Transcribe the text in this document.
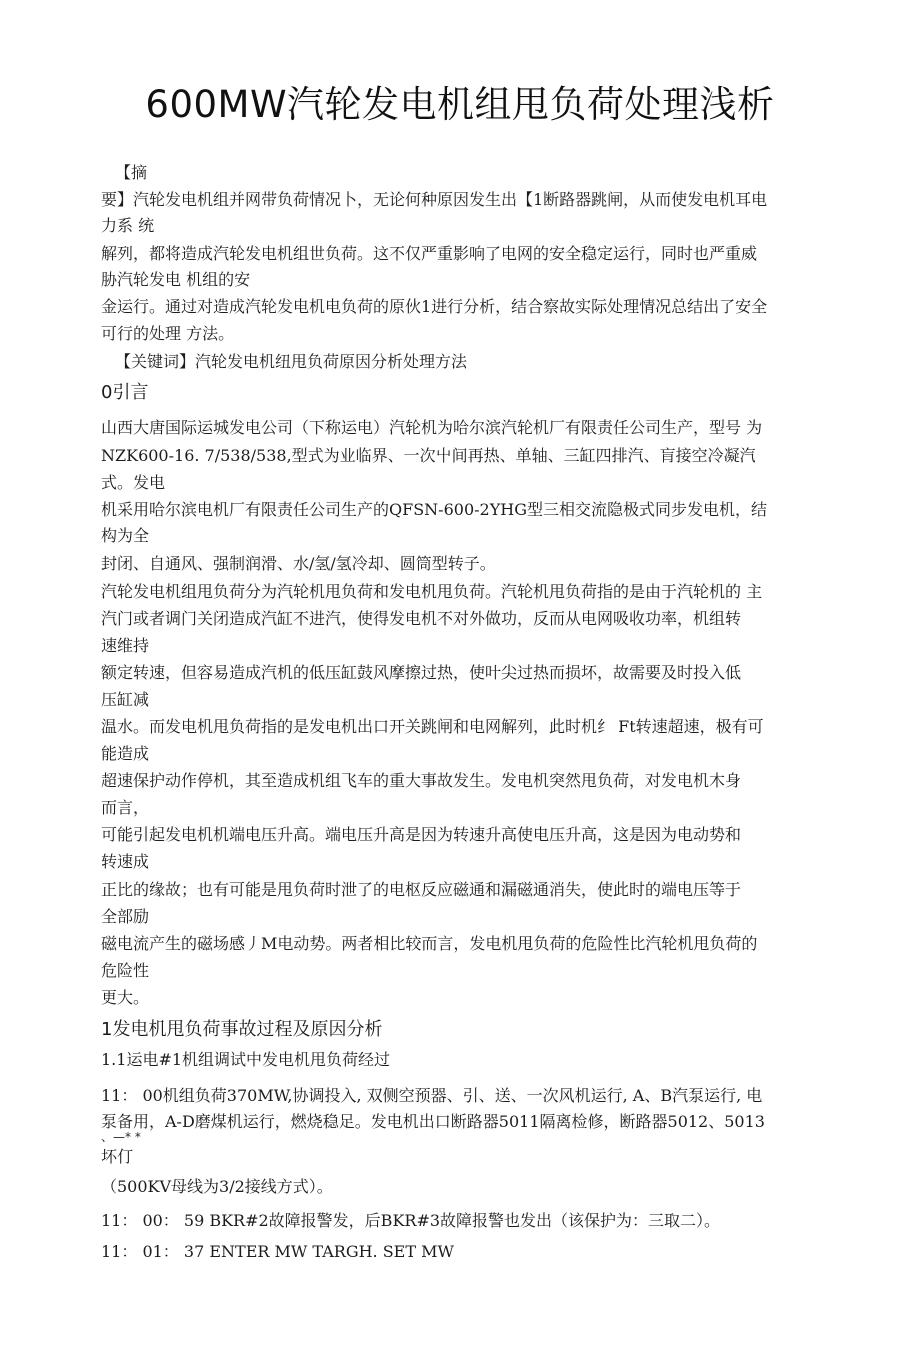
600MW汽轮发电机组甩负荷处理浅析
【摘
要】汽轮发电机组并网带负荷情况卜，无论何种原因发生出【1断路器跳闸，从而使发电机耳电
力系 统
解列，都将造成汽轮发电机组世负荷。这不仅严重影响了电网的安全稳定运行，同时也严重威
胁汽轮发电 机组的安
金运行。通过对造成汽轮发电机电负荷的原伙1进行分析，结合察故实际处理情况总结出了安全
可行的处理 方法。
【关键词】汽轮发电机纽甩负荷原因分析处理方法
0引言
山西大唐国际运城发电公司（下称运电）汽轮机为哈尔滨汽轮机厂有限责任公司生产，型号 为
NZK600-16. 7/538/538,型式为业临界、一次屮间再热、单轴、三缸四排汽、肓接空冷凝汽
式。发电
机采用哈尔滨电机厂有限责任公司生产的QFSN-600-2YHG型三相交流隐极式同步发电机，结
构为全
封闭、自通风、强制润滑、水/氢/氢冷却、圆筒型转子。
汽轮发电机组甩负荷分为汽轮机甩负荷和发电机甩负荷。汽轮机甩负荷指的是由于汽轮机的 主
汽门或者调门关闭造成汽缸不进汽，使得发电机不对外做功，反而从电网吸收功率，机组转
速维持
额定转速，但容易造成汽机的低压缸鼓风摩擦过热，使叶尖过热而损坏，故需要及时投入低
压缸减
温水。而发电机甩负荷指的是发电机出口开关跳闸和电网解列，此时机纟 Ft转速超速，极有可
能造成
超速保护动作停机，其至造成机组飞车的重大事故发生。发电机突然甩负荷，对发电机木身
而言，
可能引起发电机机端电压升高。端电压升高是因为转速升高使电压升高，这是因为电动势和
转速成
正比的缘故；也有可能是甩负荷时泄了的电枢反应磁通和漏磁通消失，使此时的端电压等于
全部励
磁电流产生的磁场感丿M电动势。两者相比较而言，发电机甩负荷的危险性比汽轮机甩负荷的
危险性
更大。
1发电机甩负荷事故过程及原因分析
1.1运电#1机组调试中发电机甩负荷经过
11： 00机组负荷370MW,协调投入, 双侧空预器、引、送、一次风机运行, A、B汽泵运行, 电
泵备用，A-D磨煤机运行，燃烧稳足。发电机出口断路器5011隔离检修，断路器5012、5013
、—* *
坏仃
（500KV母线为3/2接线方式）。
11： 00： 59 BKR#2故障报警发，后BKR#3故障报警也发出（该保护为：三取二）。
11： 01： 37 ENTER MW TARGH. SET MW
